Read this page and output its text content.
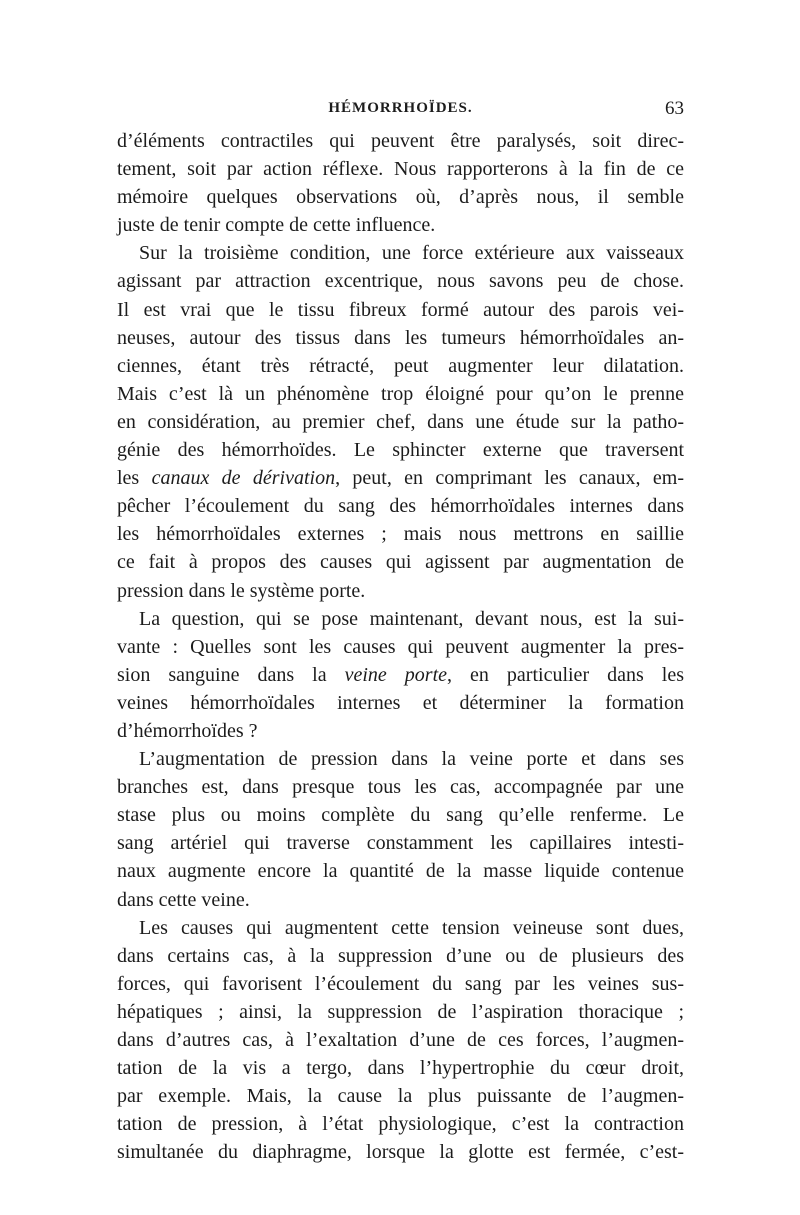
HÉMORRHOÏDES.	63
d’éléments contractiles qui peuvent être paralysés, soit direc-
tement, soit par action réflexe. Nous rapporterons à la fin de ce
mémoire quelques observations où, d’après nous, il semble
juste de tenir compte de cette influence.
Sur la troisième condition, une force extérieure aux vaisseaux
agissant par attraction excentrique, nous savons peu de chose.
Il est vrai que le tissu fibreux formé autour des parois vei-
neuses, autour des tissus dans les tumeurs hémorrhoïdales an-
ciennes, étant très rétracté, peut augmenter leur dilatation.
Mais c’est là un phénomène trop éloigné pour qu’on le prenne
en considération, au premier chef, dans une étude sur la patho-
génie des hémorrhoïdes. Le sphincter externe que traversent
les canaux de dérivation, peut, en comprimant les canaux, em-
pêcher l’écoulement du sang des hémorrhoïdales internes dans
les hémorrhoïdales externes ; mais nous mettrons en saillie
ce fait à propos des causes qui agissent par augmentation de
pression dans le système porte.
La question, qui se pose maintenant, devant nous, est la sui-
vante : Quelles sont les causes qui peuvent augmenter la pres-
sion sanguine dans la veine porte, en particulier dans les
veines hémorrhoïdales internes et déterminer la formation
d’hémorrhoïdes ?
L’augmentation de pression dans la veine porte et dans ses
branches est, dans presque tous les cas, accompagnée par une
stase plus ou moins complète du sang qu’elle renferme. Le
sang artériel qui traverse constamment les capillaires intesti-
naux augmente encore la quantité de la masse liquide contenue
dans cette veine.
Les causes qui augmentent cette tension veineuse sont dues,
dans certains cas, à la suppression d’une ou de plusieurs des
forces, qui favorisent l’écoulement du sang par les veines sus-
hépatiques ; ainsi, la suppression de l’aspiration thoracique ;
dans d’autres cas, à l’exaltation d’une de ces forces, l’augmen-
tation de la vis a tergo, dans l’hypertrophie du cœur droit,
par exemple. Mais, la cause la plus puissante de l’augmen-
tation de pression, à l’état physiologique, c’est la contraction
simultanée du diaphragme, lorsque la glotte est fermée, c’est-
